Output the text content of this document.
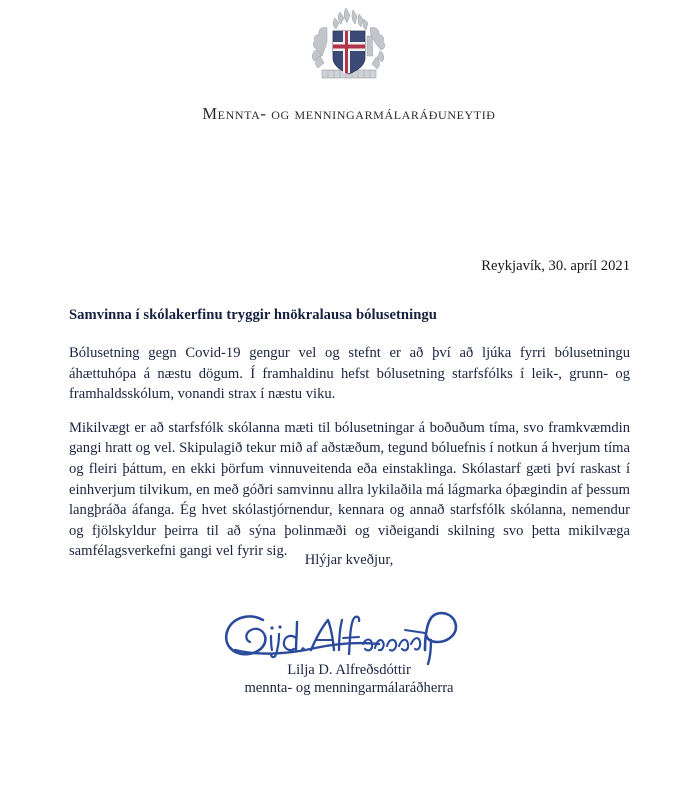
Mennta- og menningarmálaráðuneytið
Reykjavík, 30. apríl 2021
Samvinna í skólakerfinu tryggir hnökralausa bólusetningu

Bólusetning gegn Covid-19 gengur vel og stefnt er að því að ljúka fyrri bólusetningu áhættuhópa á næstu dögum. Í framhaldinu hefst bólusetning starfsfólks í leik-, grunn- og framhaldsskólum, vonandi strax í næstu viku.

Mikilvægt er að starfsfólk skólanna mæti til bólusetningar á boðuðum tíma, svo framkvæmdin gangi hratt og vel. Skipulagið tekur mið af aðstæðum, tegund bóluefnis í notkun á hverjum tíma og fleiri þáttum, en ekki þörfum vinnuveitenda eða einstaklinga. Skólastarf gæti því raskast í einhverjum tilvikum, en með góðri samvinnu allra lykilaðila má lágmarka óþægindin af þessum langþráða áfanga. Ég hvet skólastjórnendur, kennara og annað starfsfólk skólanna, nemendur og fjölskyldur þeirra til að sýna þolinmæði og viðeigandi skilning svo þetta mikilvæga samfélagsverkefni gangi vel fyrir sig.

Hlýjar kveðjur,
Lilja D. Alfreðsdóttir
mennta- og menningarmálaráðherra
